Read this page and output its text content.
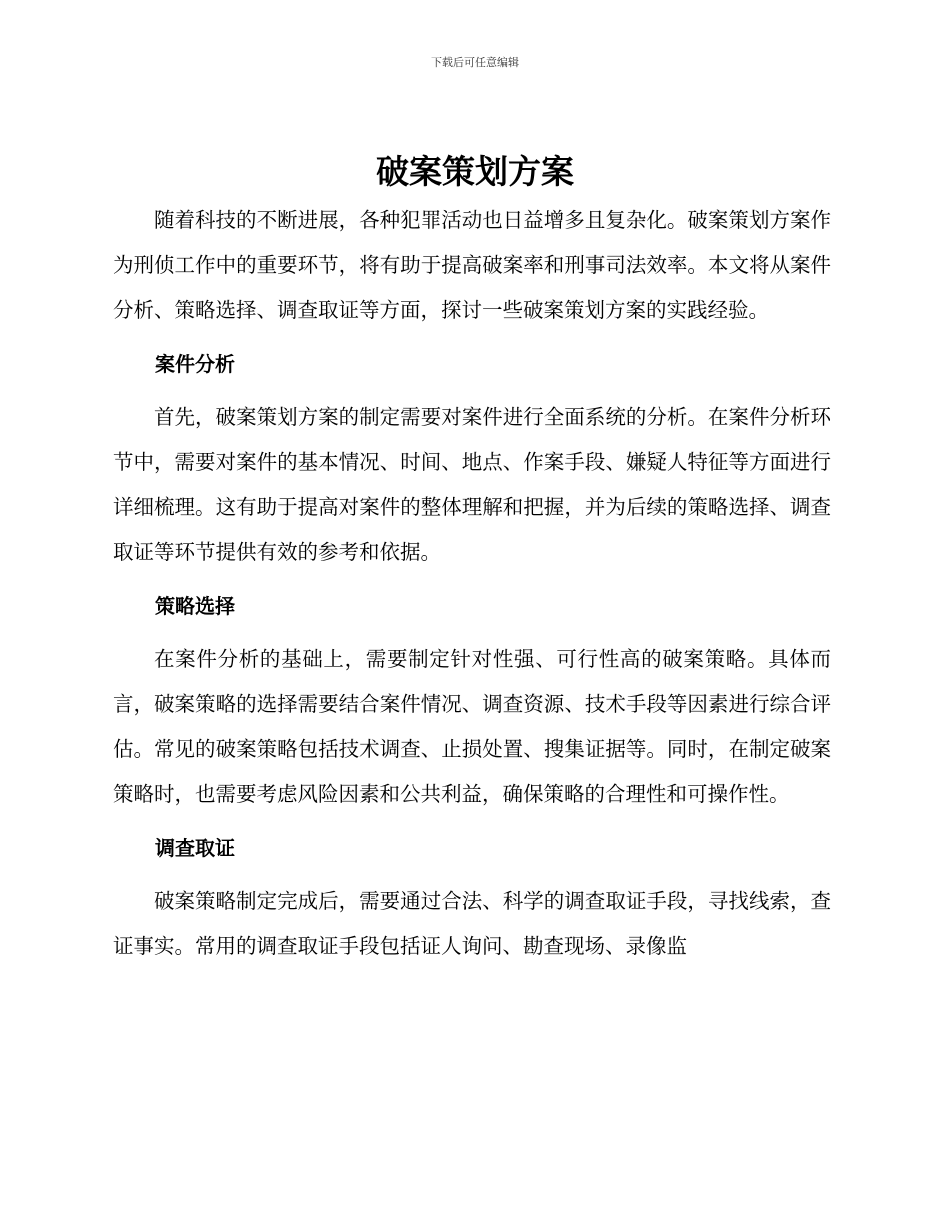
下载后可任意编辑
破案策划方案

随着科技的不断进展，各种犯罪活动也日益增多且复杂化。破案策划方案作为刑侦工作中的重要环节，将有助于提高破案率和刑事司法效率。本文将从案件分析、策略选择、调查取证等方面，探讨一些破案策划方案的实践经验。

案件分析

首先，破案策划方案的制定需要对案件进行全面系统的分析。在案件分析环节中，需要对案件的基本情况、时间、地点、作案手段、嫌疑人特征等方面进行详细梳理。这有助于提高对案件的整体理解和把握，并为后续的策略选择、调查取证等环节提供有效的参考和依据。

策略选择

在案件分析的基础上，需要制定针对性强、可行性高的破案策略。具体而言，破案策略的选择需要结合案件情况、调查资源、技术手段等因素进行综合评估。常见的破案策略包括技术调查、止损处置、搜集证据等。同时，在制定破案策略时，也需要考虑风险因素和公共利益，确保策略的合理性和可操作性。

调查取证

破案策略制定完成后，需要通过合法、科学的调查取证手段，寻找线索，查证事实。常用的调查取证手段包括证人询问、勘查现场、录像监
